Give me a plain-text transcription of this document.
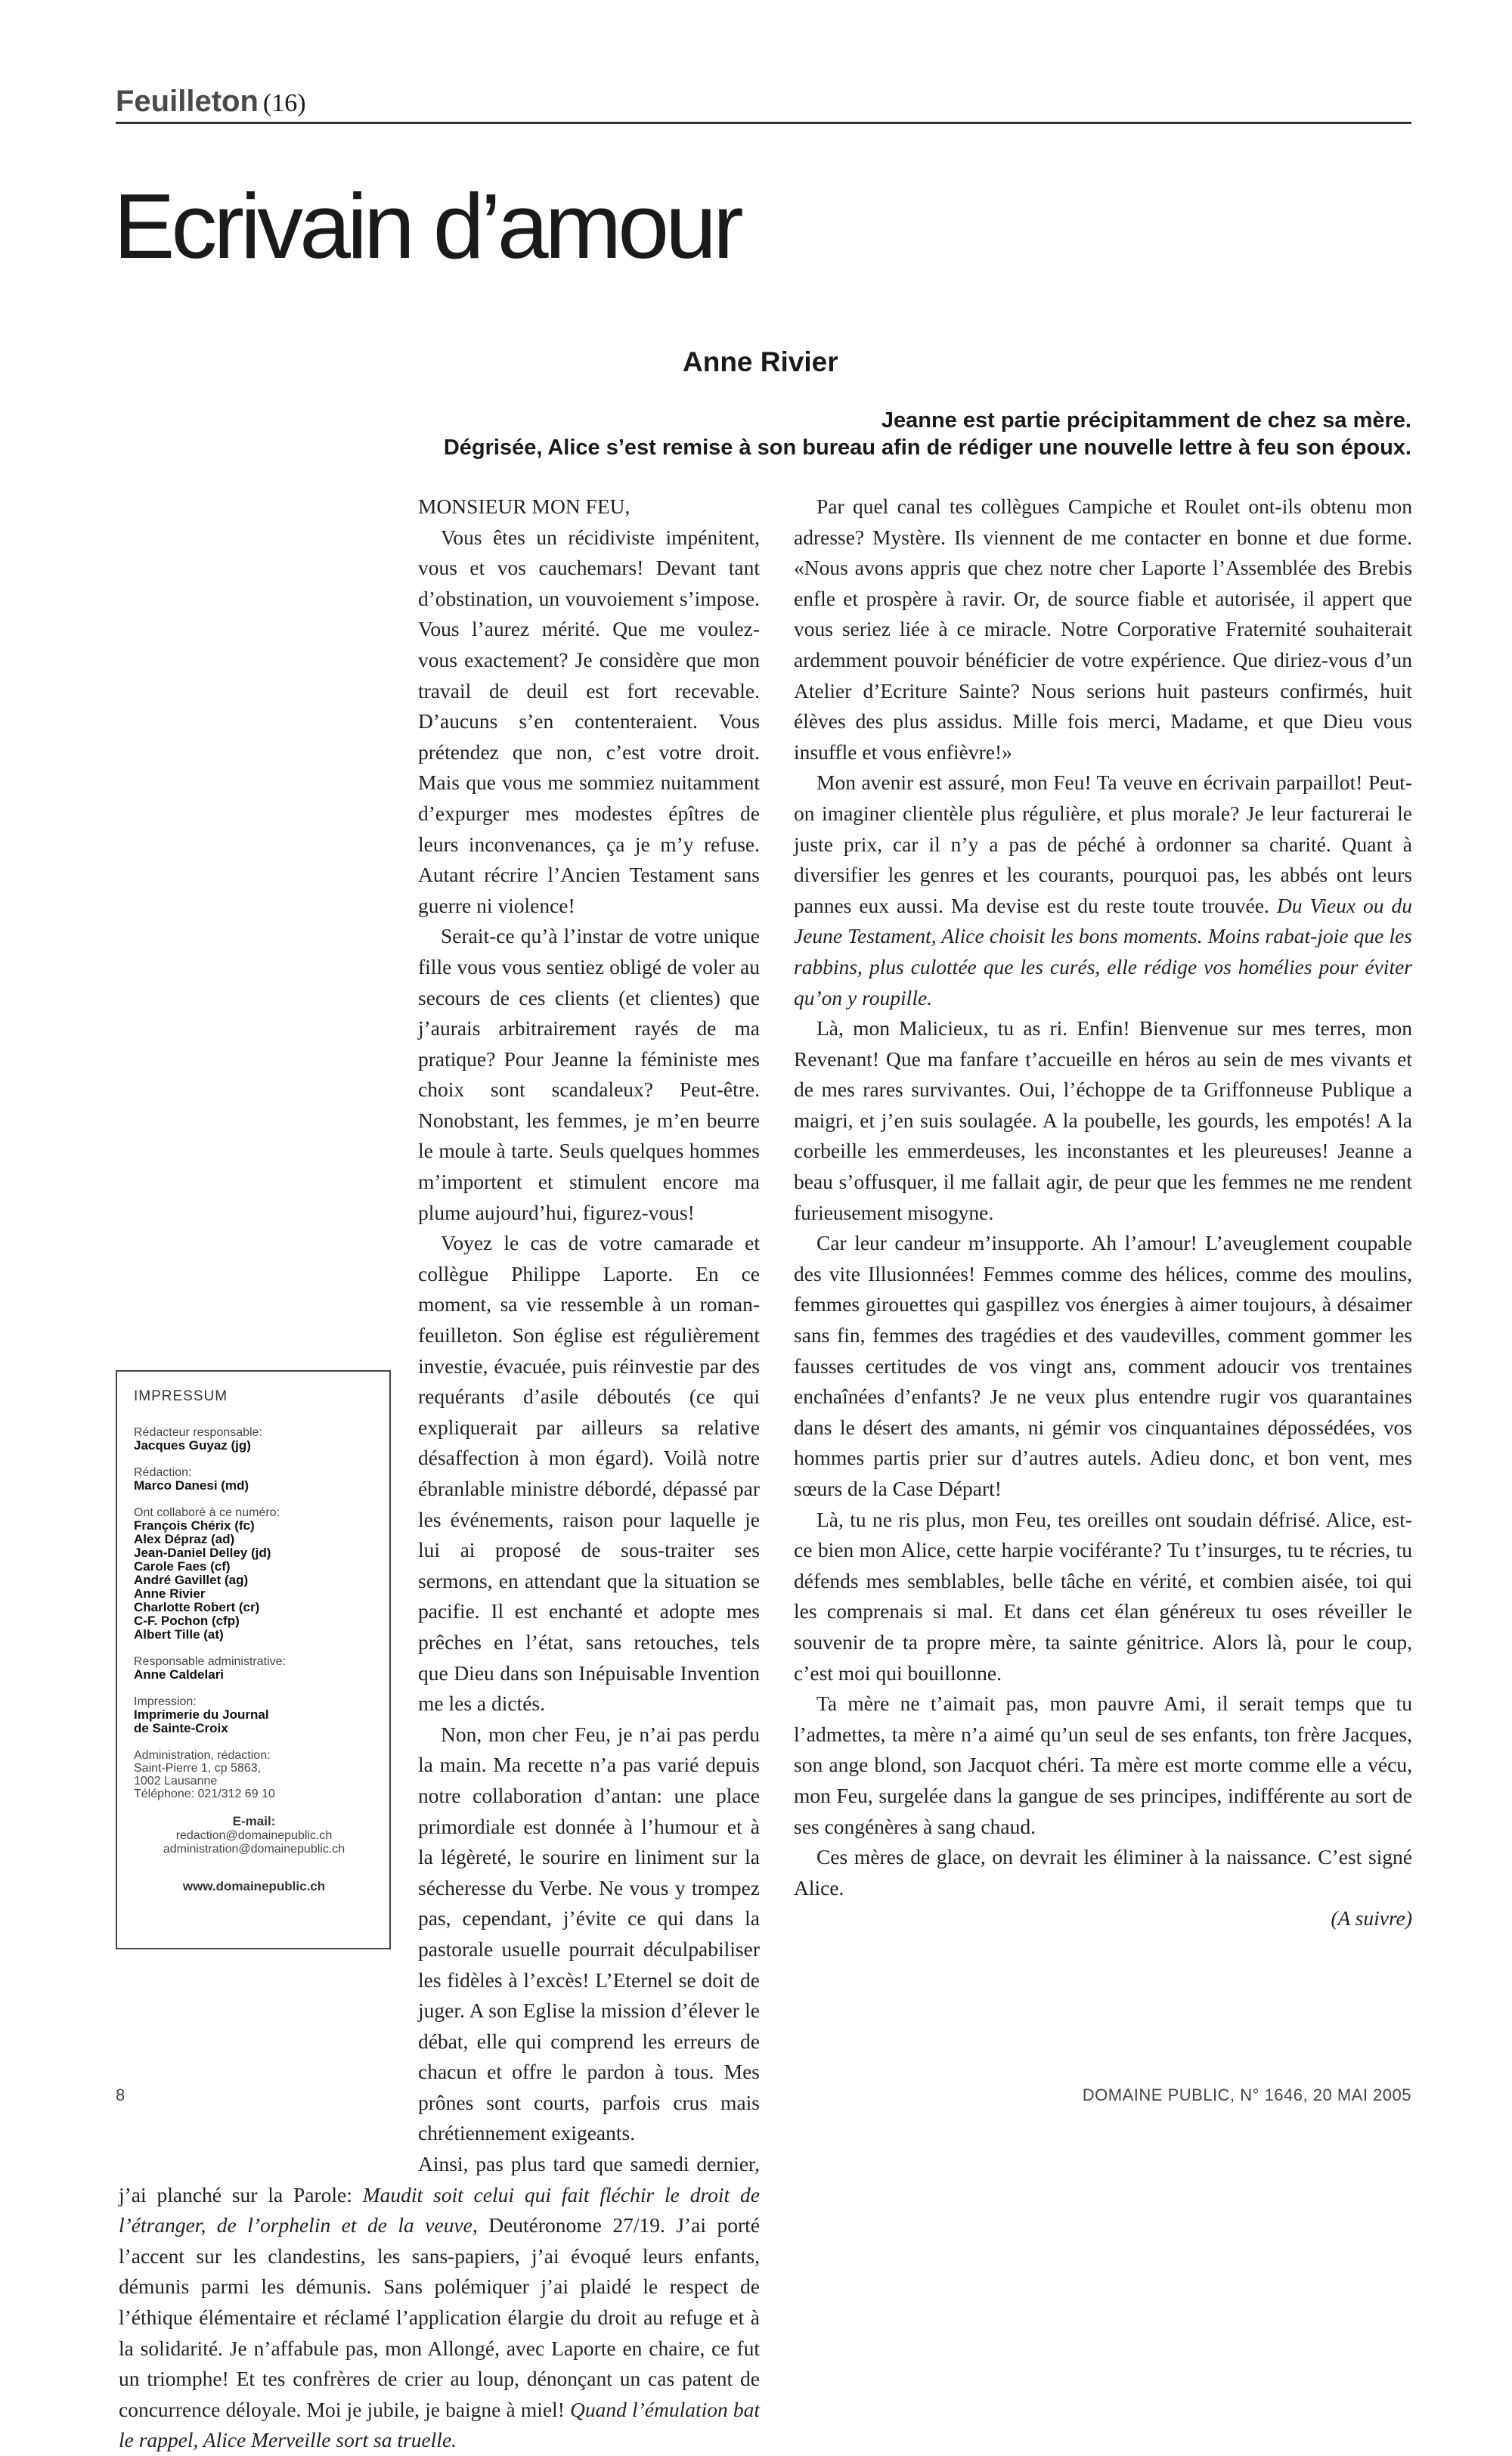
Feuilleton (16)
Ecrivain d’amour
Anne Rivier
Jeanne est partie précipitamment de chez sa mère.
Dégrisée, Alice s’est remise à son bureau afin de rédiger une nouvelle lettre à feu son époux.

MONSIEUR MON FEU,

Vous êtes un récidiviste impénitent, vous et vos cauchemars! Devant tant d’obstination, un vouvoiement s’impose. Vous l’aurez mérité. Que me voulez-vous exactement? Je considère que mon travail de deuil est fort recevable. D’aucuns s’en contenteraient. Vous prétendez que non, c’est votre droit. Mais que vous me sommiez nuitamment d’expurger mes modestes épîtres de leurs inconvenances, ça je m’y refuse. Autant récrire l’Ancien Testament sans guerre ni violence!

Serait-ce qu’à l’instar de votre unique fille vous vous sentiez obligé de voler au secours de ces clients (et clientes) que j’aurais arbitrairement rayés de ma pratique? Pour Jeanne la féministe mes choix sont scandaleux? Peut-être. Nonobstant, les femmes, je m’en beurre le moule à tarte. Seuls quelques hommes m’importent et stimulent encore ma plume aujourd’hui, figurez-vous!

Voyez le cas de votre camarade et collègue Philippe Laporte. En ce moment, sa vie ressemble à un roman-feuilleton. Son église est régulièrement investie, évacuée, puis réinvestie par des requérants d’asile déboutés (ce qui expliquerait par ailleurs sa relative désaffection à mon égard). Voilà notre ébranlable ministre débordé, dépassé par les événements, raison pour laquelle je lui ai proposé de sous-traiter ses sermons, en attendant que la situation se pacifie. Il est enchanté et adopte mes prêches en l’état, sans retouches, tels que Dieu dans son Inépuisable Invention me les a dictés.

Non, mon cher Feu, je n’ai pas perdu la main. Ma recette n’a pas varié depuis notre collaboration d’antan: une place primordiale est donnée à l’humour et à la légèreté, le sourire en liniment sur la sécheresse du Verbe. Ne vous y trompez pas, cependant, j’évite ce qui dans la pastorale usuelle pourrait déculpabiliser les fidèles à l’excès! L’Eternel se doit de juger. A son Eglise la mission d’élever le débat, elle qui comprend les erreurs de chacun et offre le pardon à tous. Mes prônes sont courts, parfois crus mais chrétiennement exigeants.

Ainsi, pas plus tard que samedi dernier, j’ai planché sur la Parole: Maudit soit celui qui fait fléchir le droit de l’étranger, de l’orphelin et de la veuve, Deutéronome 27/19. J’ai porté l’accent sur les clandestins, les sans-papiers, j’ai évoqué leurs enfants, démunis parmi les démunis. Sans polémiquer j’ai plaidé le respect de l’éthique élémentaire et réclamé l’application élargie du droit au refuge et à la solidarité. Je n’affabule pas, mon Allongé, avec Laporte en chaire, ce fut un triomphe! Et tes confrères de crier au loup, dénonçant un cas patent de concurrence déloyale. Moi je jubile, je baigne à miel! Quand l’émulation bat le rappel, Alice Merveille sort sa truelle.

Par quel canal tes collègues Campiche et Roulet ont-ils obtenu mon adresse? Mystère. Ils viennent de me contacter en bonne et due forme. «Nous avons appris que chez notre cher Laporte l’Assemblée des Brebis enfle et prospère à ravir. Or, de source fiable et autorisée, il appert que vous seriez liée à ce miracle. Notre Corporative Fraternité souhaiterait ardemment pouvoir bénéficier de votre expérience. Que diriez-vous d’un Atelier d’Ecriture Sainte? Nous serions huit pasteurs confirmés, huit élèves des plus assidus. Mille fois merci, Madame, et que Dieu vous insuffle et vous enfièvre!»

Mon avenir est assuré, mon Feu! Ta veuve en écrivain parpaillot! Peut-on imaginer clientèle plus régulière, et plus morale? Je leur facturerai le juste prix, car il n’y a pas de péché à ordonner sa charité. Quant à diversifier les genres et les courants, pourquoi pas, les abbés ont leurs pannes eux aussi. Ma devise est du reste toute trouvée. Du Vieux ou du Jeune Testament, Alice choisit les bons moments. Moins rabat-joie que les rabbins, plus culottée que les curés, elle rédige vos homélies pour éviter qu’on y roupille.

Là, mon Malicieux, tu as ri. Enfin! Bienvenue sur mes terres, mon Revenant! Que ma fanfare t’accueille en héros au sein de mes vivants et de mes rares survivantes. Oui, l’échoppe de ta Griffonneuse Publique a maigri, et j’en suis soulagée. A la poubelle, les gourds, les empotés! A la corbeille les emmerdeuses, les inconstantes et les pleureuses! Jeanne a beau s’offusquer, il me fallait agir, de peur que les femmes ne me rendent furieusement misogyne.

Car leur candeur m’insupporte. Ah l’amour! L’aveuglement coupable des vite Illusionnées! Femmes comme des hélices, comme des moulins, femmes girouettes qui gaspillez vos énergies à aimer toujours, à désaimer sans fin, femmes des tragédies et des vaudevilles, comment gommer les fausses certitudes de vos vingt ans, comment adoucir vos trentaines enchaînées d’enfants? Je ne veux plus entendre rugir vos quarantaines dans le désert des amants, ni gémir vos cinquantaines dépossédées, vos hommes partis prier sur d’autres autels. Adieu donc, et bon vent, mes sœurs de la Case Départ!

Là, tu ne ris plus, mon Feu, tes oreilles ont soudain défrisé. Alice, est-ce bien mon Alice, cette harpie vociférante? Tu t’insurges, tu te récries, tu défends mes semblables, belle tâche en vérité, et combien aisée, toi qui les comprenais si mal. Et dans cet élan généreux tu oses réveiller le souvenir de ta propre mère, ta sainte génitrice. Alors là, pour le coup, c’est moi qui bouillonne.

Ta mère ne t’aimait pas, mon pauvre Ami, il serait temps que tu l’admettes, ta mère n’a aimé qu’un seul de ses enfants, ton frère Jacques, son ange blond, son Jacquot chéri. Ta mère est morte comme elle a vécu, mon Feu, surgelée dans la gangue de ses principes, indifférente au sort de ses congénères à sang chaud.

Ces mères de glace, on devrait les éliminer à la naissance. C’est signé Alice.

(A suivre)

IMPRESSUM
Rédacteur responsable:
Jacques Guyaz (jg)
Rédaction:
Marco Danesi (md)
Ont collaboré à ce numéro:
François Chérix (fc)
Alex Dépraz (ad)
Jean-Daniel Delley (jd)
Carole Faes (cf)
André Gavillet (ag)
Anne Rivier
Charlotte Robert (cr)
C-F. Pochon (cfp)
Albert Tille (at)
Responsable administrative:
Anne Caldelari
Impression:
Imprimerie du Journal
de Sainte-Croix
Administration, rédaction:
Saint-Pierre 1, cp 5863,
1002 Lausanne
Téléphone: 021/312 69 10
E-mail:
redaction@domainepublic.ch
administration@domainepublic.ch
www.domainepublic.ch
8	DOMAINE PUBLIC, N° 1646, 20 MAI 2005
